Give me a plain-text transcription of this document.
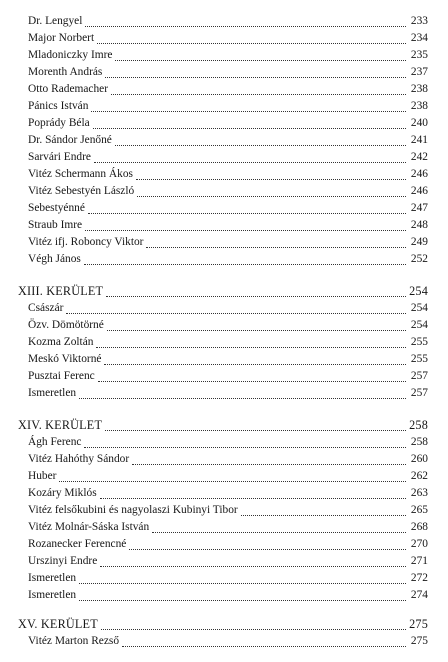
Dr. Lengyel	233
Major Norbert	234
Mladoniczky Imre	235
Morenth András	237
Otto Rademacher	238
Pánics István	238
Poprády Béla	240
Dr. Sándor Jenőné	241
Sarvári Endre	242
Vitéz Schermann Ákos	246
Vitéz Sebestyén László	246
Sebestyénné	247
Straub Imre	248
Vitéz ifj. Roboncy Viktor	249
Végh János	252
XIII. KERÜLET	254
Császár	254
Özv. Dömötörné	254
Kozma Zoltán	255
Meskó Viktorné	255
Pusztai Ferenc	257
Ismeretlen	257
XIV. KERÜLET	258
Ágh Ferenc	258
Vitéz Hahóthy Sándor	260
Huber	262
Kozáry Miklós	263
Vitéz felsőkubini és nagyolaszi Kubinyi Tibor	265
Vitéz Molnár-Sáska István	268
Rozanecker Ferencné	270
Urszinyi Endre	271
Ismeretlen	272
Ismeretlen	274
XV. KERÜLET	275
Vitéz Marton Rezső	275
